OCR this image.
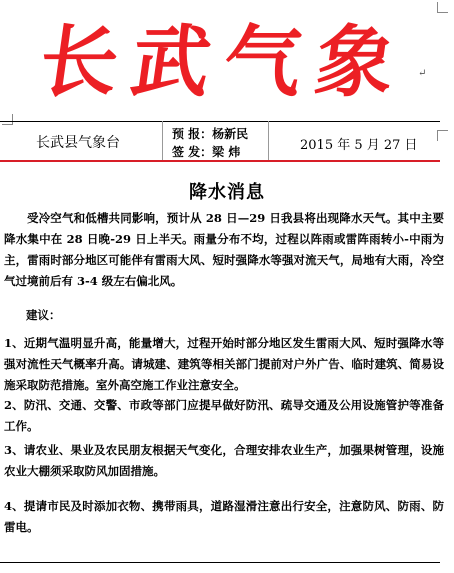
长武气象 ↵
长武县气象台
预 报：杨新民
签 发：梁 炜	2015 年 5 月 27 日
降水消息
受冷空气和低槽共同影响，预计从 28 日—29 日我县将出现降水天气。其中主要降水集中在 28 日晚-29 日上半天。雨量分布不均，过程以阵雨或雷阵雨转小-中雨为主，雷雨时部分地区可能伴有雷雨大风、短时强降水等强对流天气，局地有大雨，冷空气过境前后有 3-4 级左右偏北风。
建议：
1、近期气温明显升高，能量增大，过程开始时部分地区发生雷雨大风、短时强降水等强对流性天气概率升高。请城建、建筑等相关部门提前对户外广告、临时建筑、简易设施采取防范措施。室外高空施工作业注意安全。
2、防汛、交通、交警、市政等部门应提早做好防汛、疏导交通及公用设施管护等准备工作。
3、请农业、果业及农民朋友根据天气变化，合理安排农业生产，加强果树管理，设施农业大棚须采取防风加固措施。
4、提请市民及时添加衣物、携带雨具，道路湿滑注意出行安全，注意防风、防雨、防雷电。
